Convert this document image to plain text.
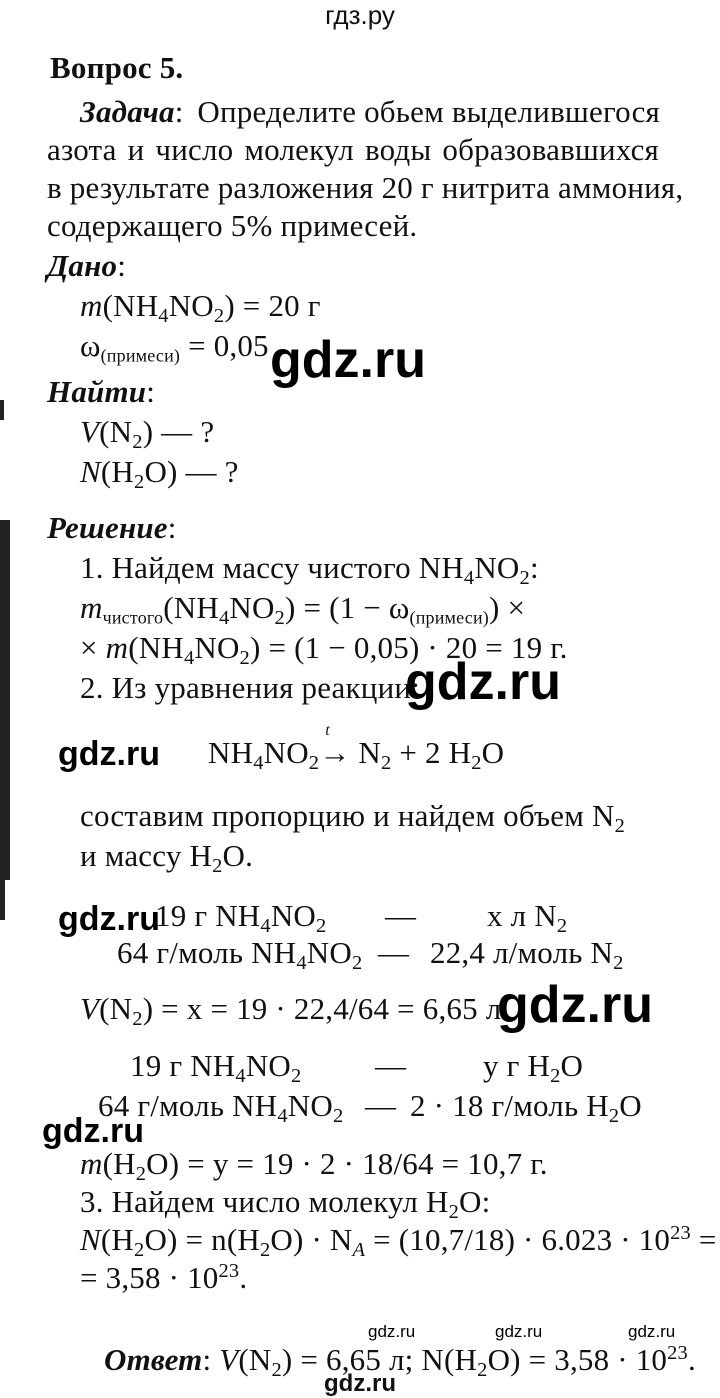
гдз.ру
Вопрос 5.
Задача: Определите обьем выделившегося
азота и число молекул воды образовавшихся
в результате разложения 20 г нитрита аммония,
содержащего 5% примесей.
Дано:
$m(NH_4NO_2) = 20$ г
$\omega_{(примеси)} = 0,05$ gdz.ru
Найти:
$V(N_2)$ — ?
$N(H_2O)$ — ?
Решение:
1. Найдем массу чистого $NH_4NO_2$:
$m_{чистого}(NH_4NO_2) = (1 - \omega_{(примеси)})$ ×
× $m(NH_4NO_2) = (1 - 0,05) \cdot 20 = 19$ г.
2. Из уравнения реакции:
gdz.ru
gdz.ru $NH_4NO_2$
t
→ $N_2 + 2$ $H_2O$
составим пропорцию и найдем объем $N_2$
и массу $H_2O$.
gdz.ru
19 г $NH_4NO_2$ — x л $N_2$
64 г/моль $NH_4NO_2$ — 22,4 л/моль $N_2$
$V(N_2) = x = 19 \cdot 22,4/64 = 6,65$ л.
gdz.ru
19 г $NH_4NO_2$ — y г $H_2O$
64 г/моль $NH_4NO_2$ — 2 · 18 г/моль $H_2O$
gdz.ru
$m(H_2O) = y = 19 \cdot 2 \cdot 18/64 = 10,7$ г.
3. Найдем число молекул $H_2O$:
$N(H_2O) = n(H_2O) \cdot N_A = (10,7/18) \cdot 6.023 \cdot 10^{23}$ =
= $3,58 \cdot 10^{23}$.
gdz.ru	gdz.ru	gdz.ru
Ответ: $V(N_2) = 6,65$ л; $N(H_2O) = 3,58 \cdot 10^{23}$.
gdz.ru
